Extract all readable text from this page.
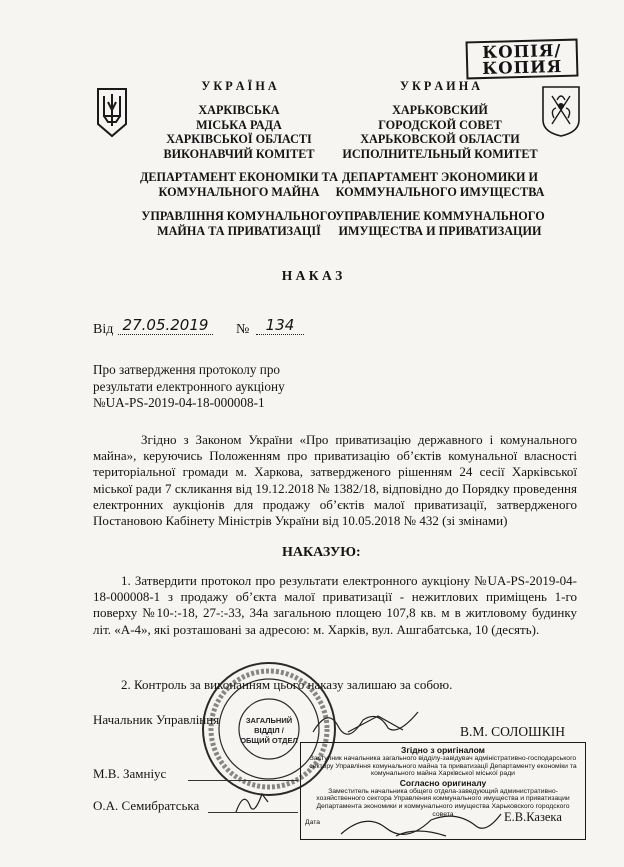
КОПІЯ/
КОПИЯ
У К Р А Ї Н А
ХАРКІВСЬКА
МІСЬКА РАДА
ХАРКІВСЬКОЇ ОБЛАСТІ
ВИКОНАВЧИЙ КОМІТЕТ
ДЕПАРТАМЕНТ ЕКОНОМІКИ ТА
КОМУНАЛЬНОГО МАЙНА
УПРАВЛІННЯ КОМУНАЛЬНОГО
МАЙНА ТА ПРИВАТИЗАЦІЇ
У К Р А И Н А
ХАРЬКОВСКИЙ
ГОРОДСКОЙ СОВЕТ
ХАРЬКОВСКОЙ ОБЛАСТИ
ИСПОЛНИТЕЛЬНЫЙ КОМИТЕТ
ДЕПАРТАМЕНТ ЭКОНОМИКИ И
КОММУНАЛЬНОГО ИМУЩЕСТВА
УПРАВЛЕНИЕ КОММУНАЛЬНОГО
ИМУЩЕСТВА И ПРИВАТИЗАЦИИ
Н А К А З
Від 27.05.2019	№	134
Про затвердження протоколу про
результати електронного аукціону
№UA-PS-2019-04-18-000008-1
Згідно з Законом України «Про приватизацію державного і комунального майна», керуючись Положенням про приватизацію об’єктів комунальної власності територіальної громади м. Харкова, затвердженого рішенням 24 сесії Харківської міської ради 7 скликання від 19.12.2018 № 1382/18, відповідно до Порядку проведення електронних аукціонів для продажу об’єктів малої приватизації, затвердженого Постановою Кабінету Міністрів України від 10.05.2018 № 432 (зі змінами)
НАКАЗУЮ:
1. Затвердити протокол про результати електронного аукціону №UA-PS-2019-04-18-000008-1 з продажу об’єкта малої приватизації - нежитлових приміщень 1-го поверху №10-:-18, 27-:-33, 34а загальною площею 107,8 кв. м в житловому будинку літ. «А-4», які розташовані за адресою: м. Харків, вул. Ашгабатська, 10 (десять).
2. Контроль за виконанням цього наказу залишаю за собою.
ЗАГАЛЬНИЙ
ВІДДІЛ /
ОБЩИЙ ОТДЕЛ
Начальник Управління
В.М. СОЛОШКІН
М.В. Замніус
О.А. Семибратська
Е.В.Казека
Згідно з оригіналом
Заступник начальника загального відділу-завідувач адміністративно-господарського сектору Управління комунального майна та приватизації Департаменту економіки та комунального майна Харківської міської ради
Согласно оригиналу
Заместитель начальника общего отдела-заведующий административно-хозяйственного сектора Управления коммунального имущества и приватизации Департамента экономики и коммунального имущества Харьковского городского совета
Дата
